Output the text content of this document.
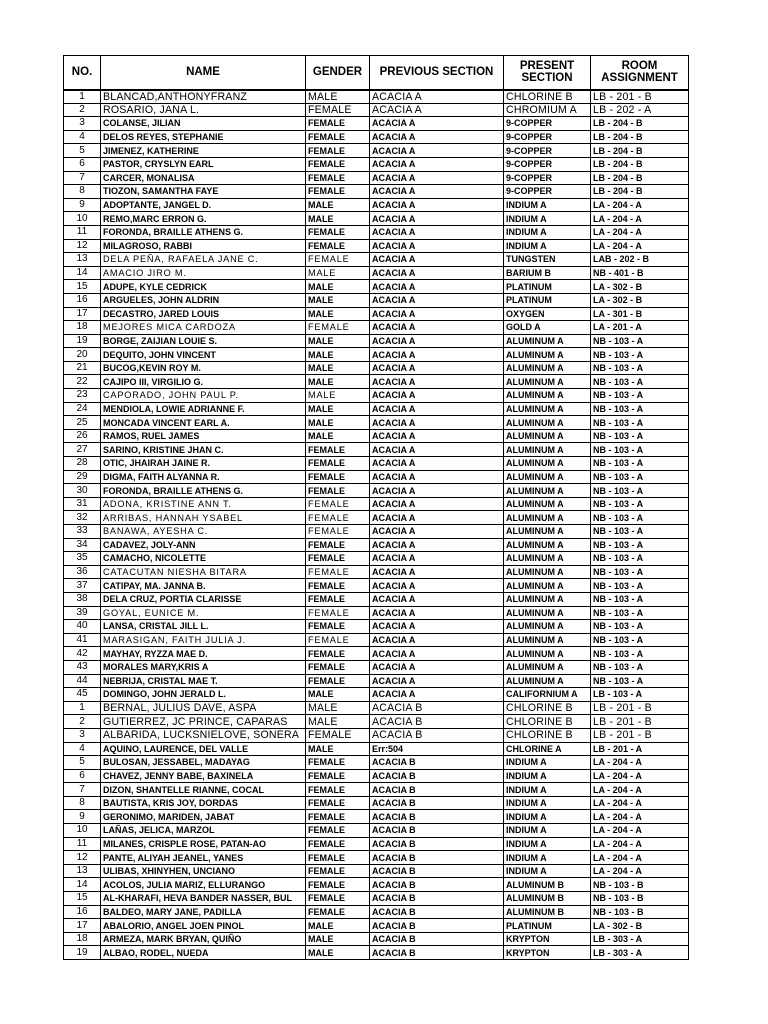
NO.	NAME	GENDER	PREVIOUS SECTION	PRESENT SECTION	ROOM ASSIGNMENT
1	BLANCAD,ANTHONYFRANZ	MALE	ACACIA A	CHLORINE B	LB - 201 - B
2	ROSARIO, JANA L.	FEMALE	ACACIA A	CHROMIUM A	LB - 202 - A
3	COLANSE, JILIAN	FEMALE	ACACIA A	9-COPPER	LB - 204 - B
4	DELOS REYES, STEPHANIE	FEMALE	ACACIA A	9-COPPER	LB - 204 - B
5	JIMENEZ, KATHERINE	FEMALE	ACACIA A	9-COPPER	LB - 204 - B
6	PASTOR, CRYSLYN EARL	FEMALE	ACACIA A	9-COPPER	LB - 204 - B
7	CARCER, MONALISA	FEMALE	ACACIA A	9-COPPER	LB - 204 - B
8	TIOZON, SAMANTHA FAYE	FEMALE	ACACIA A	9-COPPER	LB - 204 - B
9	ADOPTANTE, JANGEL D.	MALE	ACACIA A	INDIUM A	LA - 204 - A
10	REMO,MARC ERRON G.	MALE	ACACIA A	INDIUM A	LA - 204 - A
11	FORONDA, BRAILLE ATHENS G.	FEMALE	ACACIA A	INDIUM A	LA - 204 - A
12	MILAGROSO, RABBI	FEMALE	ACACIA A	INDIUM A	LA - 204 - A
13	DELA PEÑA, RAFAELA JANE C.	FEMALE	ACACIA A	TUNGSTEN	LAB - 202 - B
14	AMACIO JIRO M.	MALE	ACACIA A	BARIUM B	NB - 401 - B
15	ADUPE, KYLE CEDRICK	MALE	ACACIA A	PLATINUM	LA - 302 - B
16	ARGUELES, JOHN ALDRIN	MALE	ACACIA A	PLATINUM	LA - 302 - B
17	DECASTRO, JARED LOUIS	MALE	ACACIA A	OXYGEN	LA - 301 - B
18	MEJORES MICA CARDOZA	FEMALE	ACACIA A	GOLD A	LA - 201 - A
19	BORGE, ZAIJIAN LOUIE S.	MALE	ACACIA A	ALUMINUM A	NB - 103 - A
20	DEQUITO, JOHN VINCENT	MALE	ACACIA A	ALUMINUM A	NB - 103 - A
21	BUCOG,KEVIN ROY M.	MALE	ACACIA A	ALUMINUM A	NB - 103 - A
22	CAJIPO III, VIRGILIO G.	MALE	ACACIA A	ALUMINUM A	NB - 103 - A
23	CAPORADO, JOHN PAUL P.	MALE	ACACIA A	ALUMINUM A	NB - 103 - A
24	MENDIOLA, LOWIE ADRIANNE F.	MALE	ACACIA A	ALUMINUM A	NB - 103 - A
25	MONCADA VINCENT EARL A.	MALE	ACACIA A	ALUMINUM A	NB - 103 - A
26	RAMOS, RUEL JAMES	MALE	ACACIA A	ALUMINUM A	NB - 103 - A
27	SARINO, KRISTINE JHAN C.	FEMALE	ACACIA A	ALUMINUM A	NB - 103 - A
28	OTIC, JHAIRAH JAINE R.	FEMALE	ACACIA A	ALUMINUM A	NB - 103 - A
29	DIGMA, FAITH ALYANNA R.	FEMALE	ACACIA A	ALUMINUM A	NB - 103 - A
30	FORONDA, BRAILLE ATHENS G.	FEMALE	ACACIA A	ALUMINUM A	NB - 103 - A
31	ADONA, KRISTINE ANN T.	FEMALE	ACACIA A	ALUMINUM A	NB - 103 - A
32	ARRIBAS, HANNAH YSABEL	FEMALE	ACACIA A	ALUMINUM A	NB - 103 - A
33	BANAWA, AYESHA C.	FEMALE	ACACIA A	ALUMINUM A	NB - 103 - A
34	CADAVEZ, JOLY-ANN	FEMALE	ACACIA A	ALUMINUM A	NB - 103 - A
35	CAMACHO, NICOLETTE	FEMALE	ACACIA A	ALUMINUM A	NB - 103 - A
36	CATACUTAN NIESHA BITARA	FEMALE	ACACIA A	ALUMINUM A	NB - 103 - A
37	CATIPAY, MA. JANNA B.	FEMALE	ACACIA A	ALUMINUM A	NB - 103 - A
38	DELA CRUZ, PORTIA CLARISSE	FEMALE	ACACIA A	ALUMINUM A	NB - 103 - A
39	GOYAL, EUNICE M.	FEMALE	ACACIA A	ALUMINUM A	NB - 103 - A
40	LANSA, CRISTAL JILL L.	FEMALE	ACACIA A	ALUMINUM A	NB - 103 - A
41	MARASIGAN, FAITH JULIA J.	FEMALE	ACACIA A	ALUMINUM A	NB - 103 - A
42	MAYHAY, RYZZA MAE D.	FEMALE	ACACIA A	ALUMINUM A	NB - 103 - A
43	MORALES MARY,KRIS A	FEMALE	ACACIA A	ALUMINUM A	NB - 103 - A
44	NEBRIJA, CRISTAL MAE T.	FEMALE	ACACIA A	ALUMINUM A	NB - 103 - A
45	DOMINGO, JOHN JERALD L.	MALE	ACACIA A	CALIFORNIUM A	LB - 103 - A
1	BERNAL, JULIUS DAVE, ASPA	MALE	ACACIA B	CHLORINE B	LB - 201 - B
2	GUTIERREZ, JC PRINCE, CAPARAS	MALE	ACACIA B	CHLORINE B	LB - 201 - B
3	ALBARIDA, LUCKSNIELOVE, SONERA	FEMALE	ACACIA B	CHLORINE B	LB - 201 - B
4	AQUINO, LAURENCE, DEL VALLE	MALE	Err:504	CHLORINE A	LB - 201 - A
5	BULOSAN, JESSABEL, MADAYAG	FEMALE	ACACIA B	INDIUM A	LA - 204 - A
6	CHAVEZ, JENNY BABE, BAXINELA	FEMALE	ACACIA B	INDIUM A	LA - 204 - A
7	DIZON, SHANTELLE RIANNE, COCAL	FEMALE	ACACIA B	INDIUM A	LA - 204 - A
8	BAUTISTA, KRIS JOY, DORDAS	FEMALE	ACACIA B	INDIUM A	LA - 204 - A
9	GERONIMO, MARIDEN, JABAT	FEMALE	ACACIA B	INDIUM A	LA - 204 - A
10	LAÑAS, JELICA, MARZOL	FEMALE	ACACIA B	INDIUM A	LA - 204 - A
11	MILANES, CRISPLE ROSE, PATAN-AO	FEMALE	ACACIA B	INDIUM A	LA - 204 - A
12	PANTE, ALIYAH JEANEL, YANES	FEMALE	ACACIA B	INDIUM A	LA - 204 - A
13	ULIBAS, XHINYHEN, UNCIANO	FEMALE	ACACIA B	INDIUM A	LA - 204 - A
14	ACOLOS, JULIA MARIZ, ELLURANGO	FEMALE	ACACIA B	ALUMINUM B	NB - 103 - B
15	AL-KHARAFI, HEVA BANDER NASSER, BUL	FEMALE	ACACIA B	ALUMINUM B	NB - 103 - B
16	BALDEO, MARY JANE, PADILLA	FEMALE	ACACIA B	ALUMINUM B	NB - 103 - B
17	ABALORIO, ANGEL JOEN PINOL	MALE	ACACIA B	PLATINUM	LA - 302 - B
18	ARMEZA, MARK BRYAN, QUIÑO	MALE	ACACIA B	KRYPTON	LB - 303 - A
19	ALBAO, RODEL, NUEDA	MALE	ACACIA B	KRYPTON	LB - 303 - A
